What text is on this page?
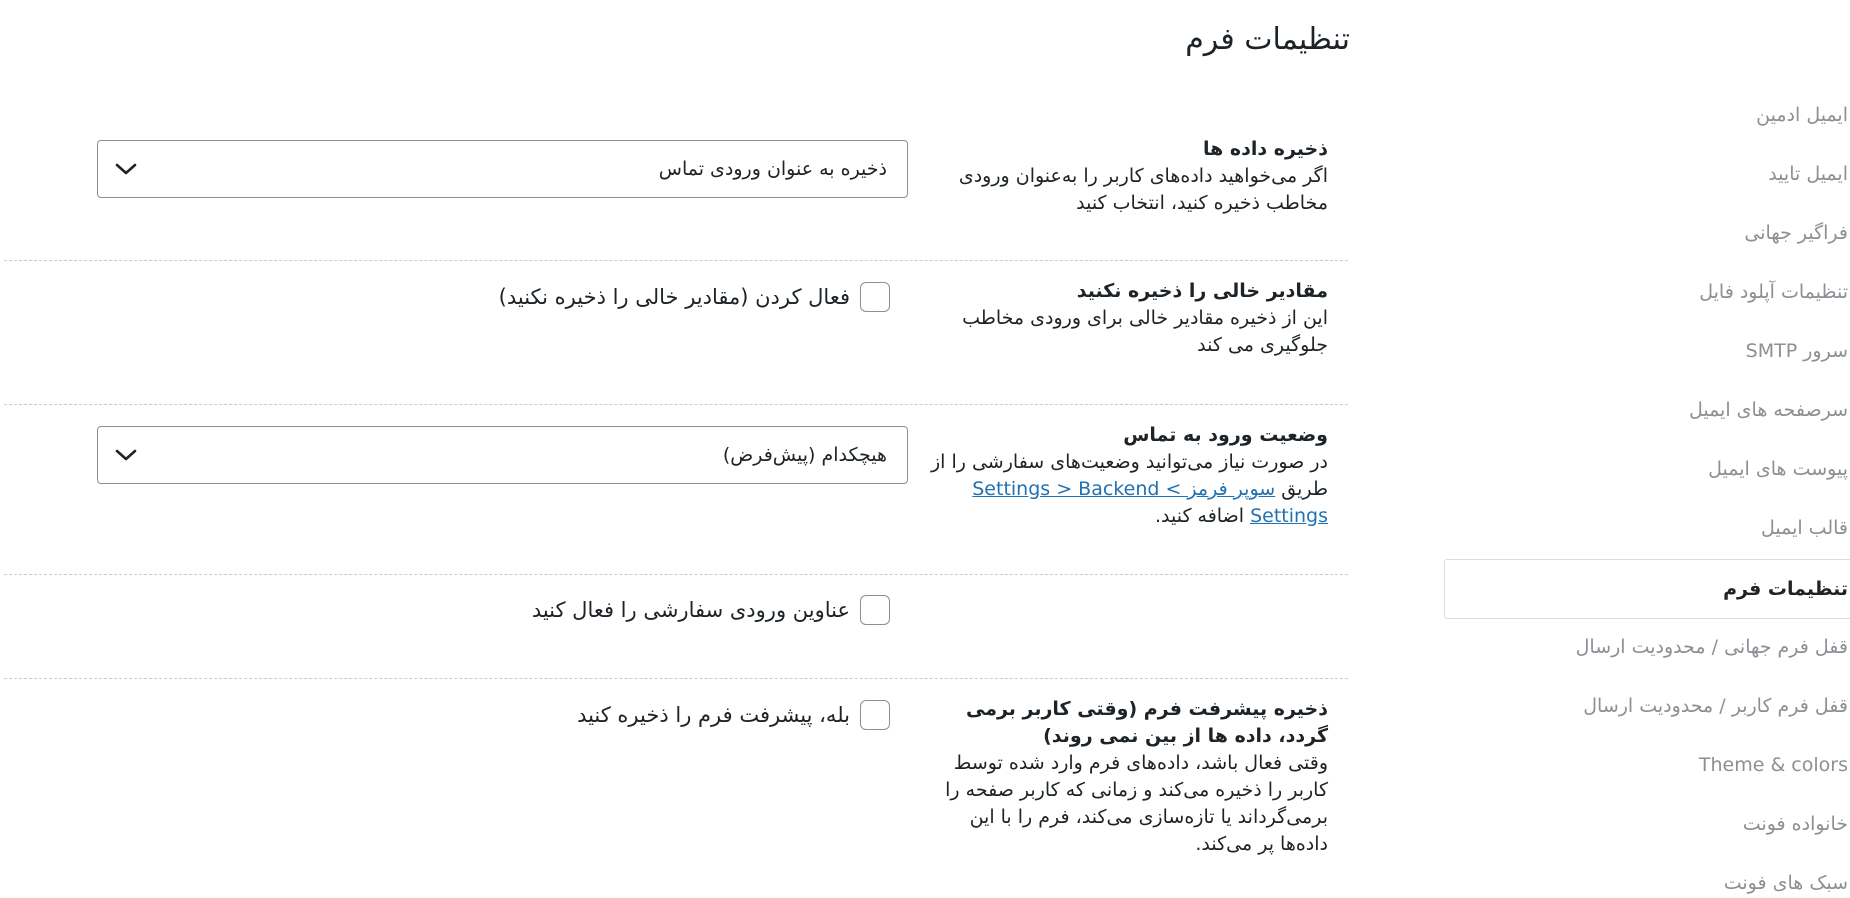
ایمیل ادمین
ایمیل تایید
فراگیر جهانی
تنظیمات آپلود فایل
سرور SMTP
سرصفحه های ایمیل
پیوست های ایمیل
قالب ایمیل
تنظیمات فرم
قفل فرم جهانی / محدودیت ارسال
قفل فرم کاربر / محدودیت ارسال
Theme & colors
خانواده فونت
سبک های فونت
تنظیمات فرم
ذخیره داده ها
اگر می‌خواهید داده‌های کاربر را به‌عنوان ورودی مخاطب ذخیره کنید، انتخاب کنید
ذخیره به عنوان ورودی تماس
مقادیر خالی را ذخیره نکنید
این از ذخیره مقادیر خالی برای ورودی مخاطب جلوگیری می کند
فعال کردن (مقادیر خالی را ذخیره نکنید)
وضعیت ورود به تماس
در صورت نیاز می‌توانید وضعیت‌های سفارشی را از طریق سوپر فرمز > Settings > Backend Settings اضافه کنید.
هیچکدام (پیش‌فرض)
عناوین ورودی سفارشی را فعال کنید
ذخیره پیشرفت فرم (وقتی کاربر برمی گردد، داده ها از بین نمی روند)
وقتی فعال باشد، داده‌های فرم وارد شده توسط کاربر را ذخیره می‌کند و زمانی که کاربر صفحه را برمی‌گرداند یا تازه‌سازی می‌کند، فرم را با این داده‌ها پر می‌کند.
بله، پیشرفت فرم را ذخیره کنید
